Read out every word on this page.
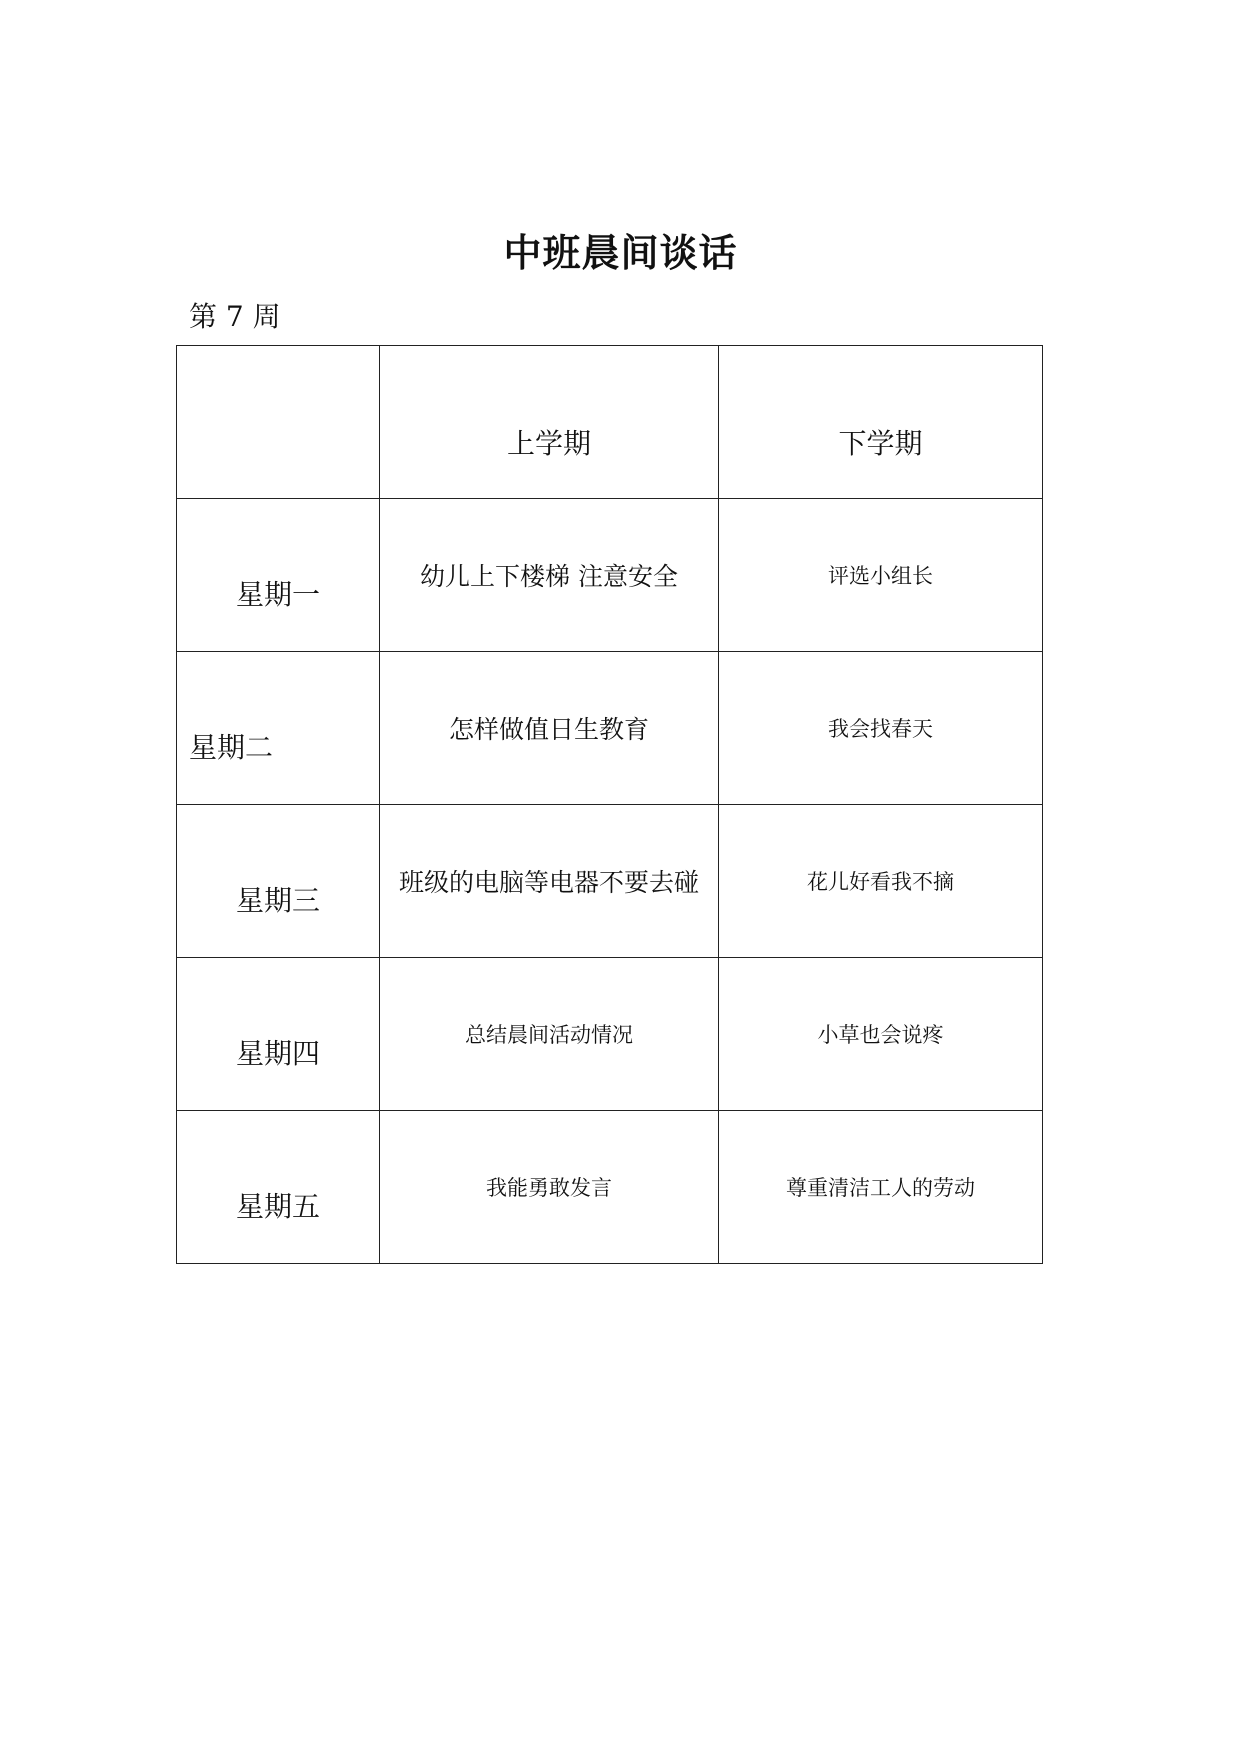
中班晨间谈话
第 7 周
	上学期	下学期
星期一	幼儿上下楼梯 注意安全	评选小组长

星期二	怎样做值日生教育	我会找春天
星期三	班级的电脑等电器不要去碰	花儿好看我不摘
星期四	总结晨间活动情况	小草也会说疼
星期五	我能勇敢发言	尊重清洁工人的劳动
